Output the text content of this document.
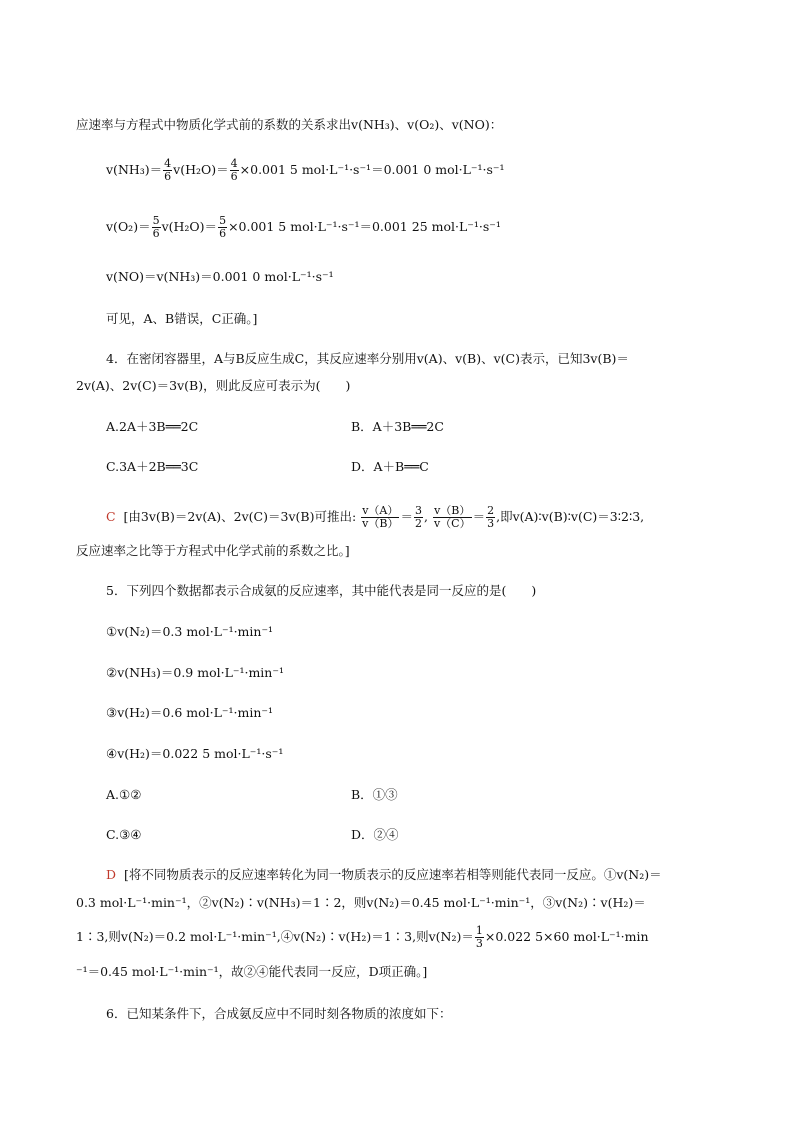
应速率与方程式中物质化学式前的系数的关系求出v(NH₃)、v(O₂)、v(NO)：
$v(NH_3)= \frac{4}{6} v(H_2O)= \frac{4}{6} \times 0.001$ 5 mol·L⁻¹·s⁻¹＝0.001 0 mol·L⁻¹·s⁻¹
$v(O_2)= \frac{5}{6} v(H_2O)= \frac{5}{6} \times 0.001$ 5 mol·L⁻¹·s⁻¹＝0.001 25 mol·L⁻¹·s⁻¹
v(NO)＝v(NH₃)＝0.001 0 mol·L⁻¹·s⁻¹
可见，A、B错误，C正确。]
4．在密闭容器里，A与B反应生成C，其反应速率分别用v(A)、v(B)、v(C)表示，已知3v(B)＝
2v(A)、2v(C)＝3v(B)，则此反应可表示为(　　)
A.2A＋3B══2C	B．A＋3B══2C
C.3A＋2B══3C	D．A＋B══C
C [由3v(B)＝2v(A)、2v(C)＝3v(B)可推出: $\frac{v(A)}{v(B)} = \frac{3}{2}$ , $\frac{v(B)}{v(C)} = \frac{2}{3}$ ,即v(A)∶v(B)∶v(C)＝3∶2∶3,
反应速率之比等于方程式中化学式前的系数之比。]
5．下列四个数据都表示合成氨的反应速率，其中能代表是同一反应的是(　　)
①v(N₂)＝0.3 mol·L⁻¹·min⁻¹
②v(NH₃)＝0.9 mol·L⁻¹·min⁻¹
③v(H₂)＝0.6 mol·L⁻¹·min⁻¹
④v(H₂)＝0.022 5 mol·L⁻¹·s⁻¹
A.①②	B．①③
C.③④	D．②④
D [将不同物质表示的反应速率转化为同一物质表示的反应速率若相等则能代表同一反应。①v(N₂)＝
0.3 mol·L⁻¹·min⁻¹，②v(N₂)∶v(NH₃)＝1∶2，则v(N₂)＝0.45 mol·L⁻¹·min⁻¹，③v(N₂)∶v(H₂)＝
1∶3,则v(N₂)＝0.2 mol·L⁻¹·min⁻¹,④v(N₂)∶v(H₂)＝1∶3,则$v(N_2)= \frac{1}{3} \times 0.022$ 5×60 mol·L⁻¹·min
⁻¹＝0.45 mol·L⁻¹·min⁻¹，故②④能代表同一反应，D项正确。]
6．已知某条件下，合成氨反应中不同时刻各物质的浓度如下：
